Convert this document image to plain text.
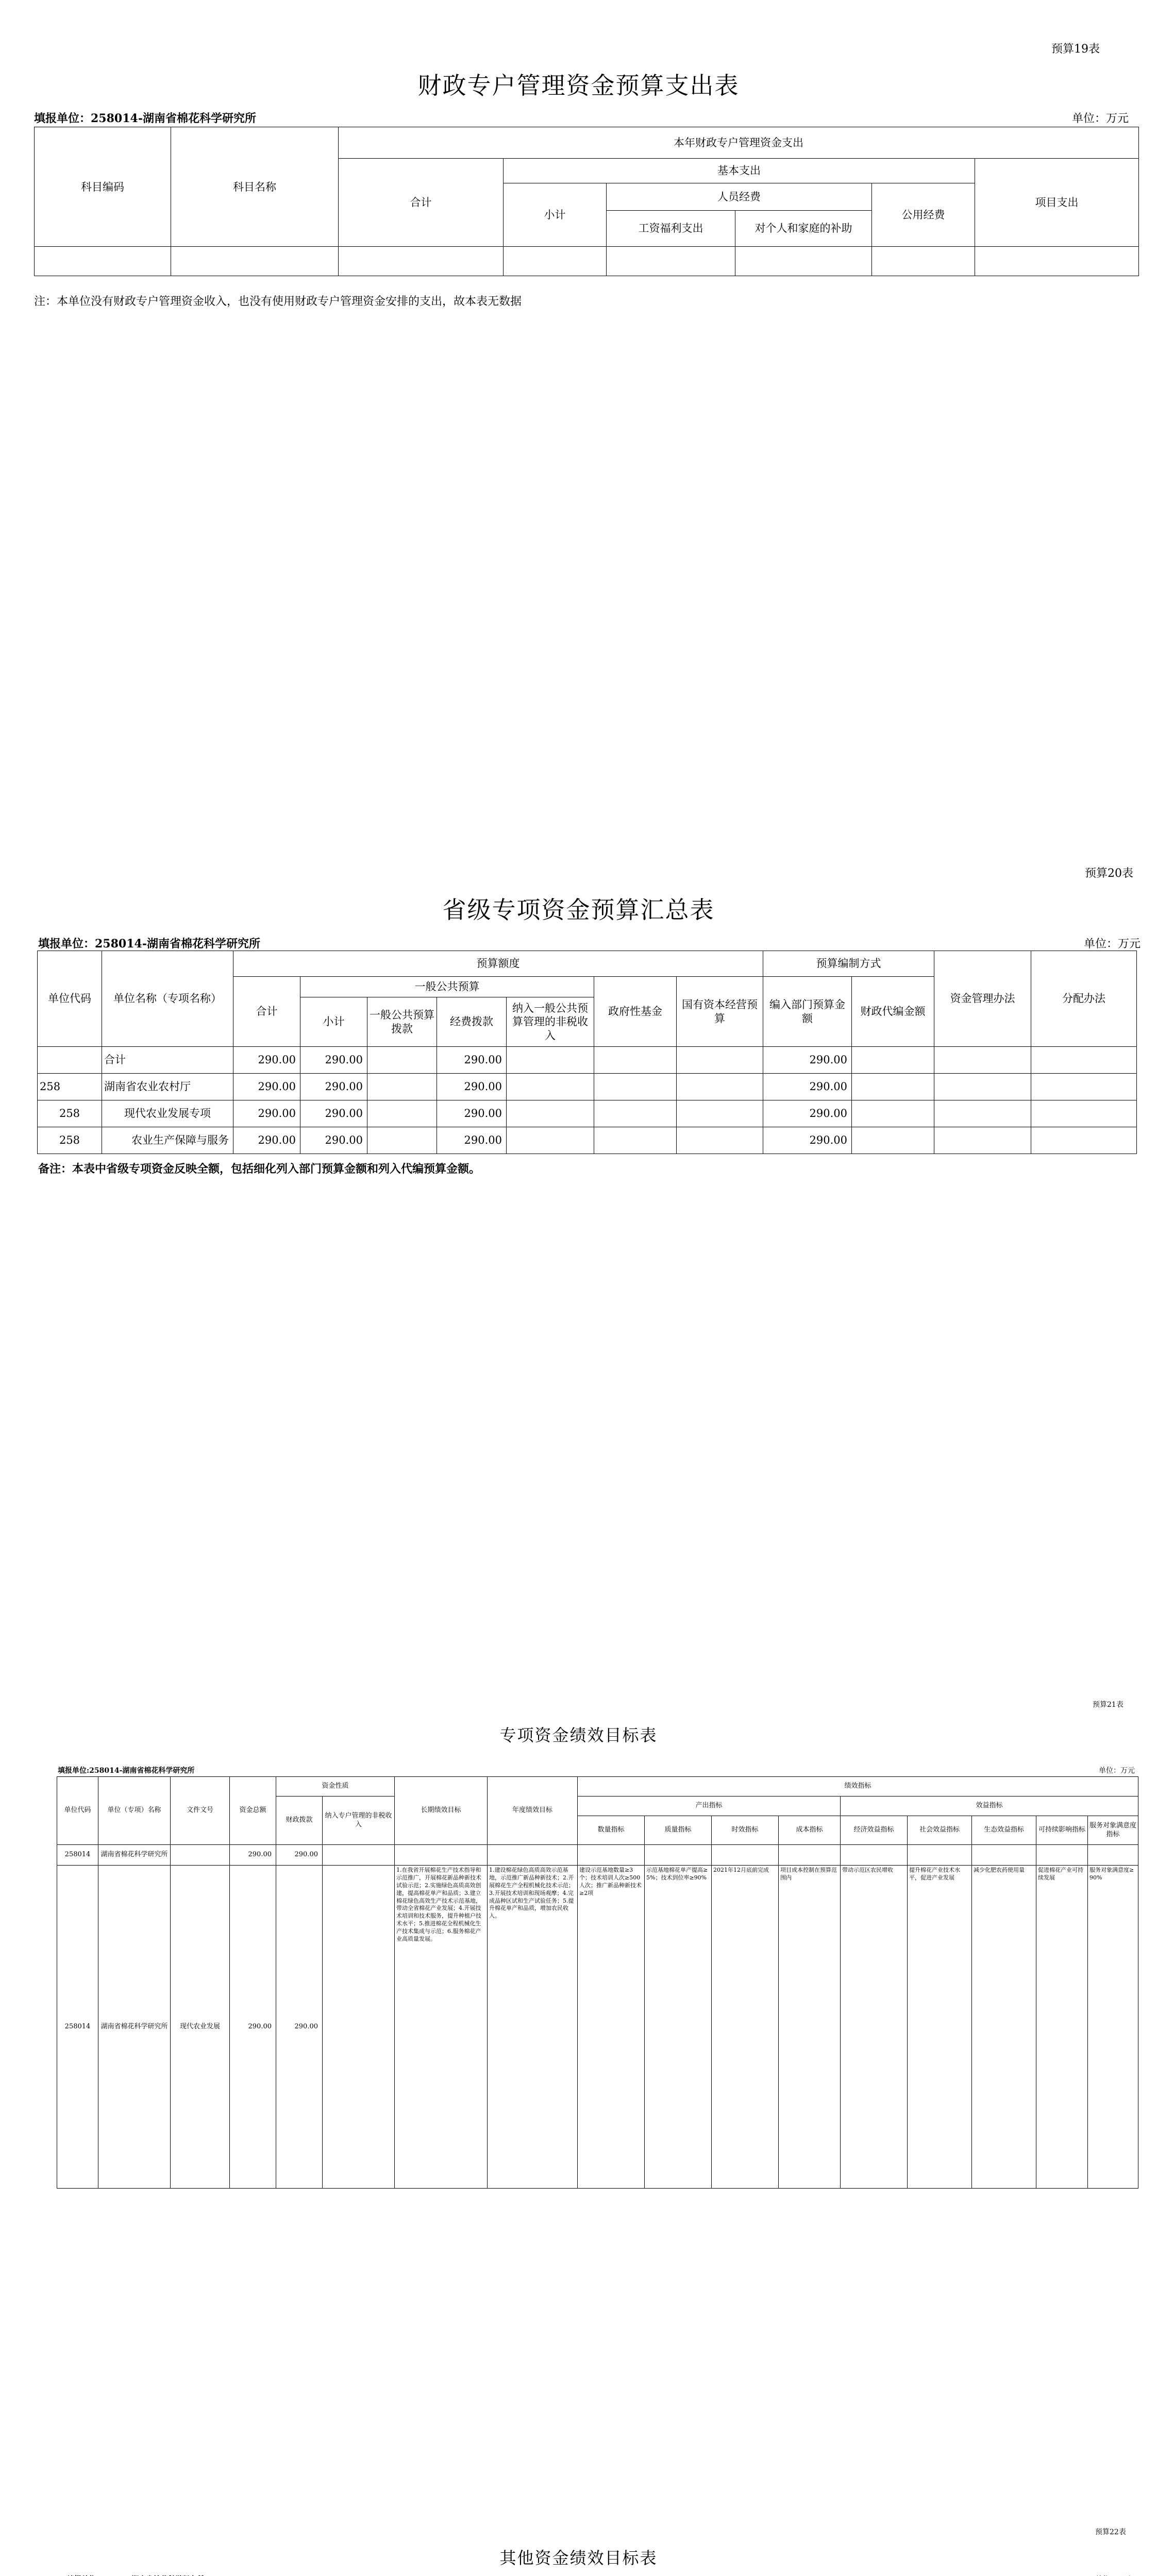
预算19表
财政专户管理资金预算支出表
填报单位：258014-湖南省棉花科学研究所	单位：万元
科目编码	科目名称	本年财政专户管理资金支出					
		合计	基本支出				项目支出
			小计	人员经费		公用经费	
				工资福利支出	对个人和家庭的补助		

注：本单位没有财政专户管理资金收入，也没有使用财政专户管理资金安排的支出，故本表无数据
预算20表
省级专项资金预算汇总表
填报单位：258014-湖南省棉花科学研究所	单位：万元
单位代码	单位名称（专项名称）	预算额度							预算编制方式		资金管理办法	分配办法
		合计	一般公共预算				政府性基金	国有资本经营预算	编入部门预算金额	财政代编金额		
			小计	一般公共预算拨款	经费拨款	纳入一般公共预算管理的非税收入						

	合计	290.00	290.00		290.00				290.00			
258	湖南省农业农村厅	290.00	290.00		290.00				290.00			
258	现代农业发展专项	290.00	290.00		290.00				290.00			
258	农业生产保障与服务	290.00	290.00		290.00				290.00			
备注：本表中省级专项资金反映全额，包括细化列入部门预算金额和列入代编预算金额。
预算21表
专项资金绩效目标表
填报单位:258014-湖南省棉花科学研究所	单位：万元
单位代码	单位（专项）名称	文件文号	资金总额	资金性质		长期绩效目标	年度绩效目标	绩效指标								
				财政拨款	纳入专户管理的非税收入			产出指标				效益指标				
								数量指标	质量指标	时效指标	成本指标	经济效益指标	社会效益指标	生态效益指标	可持续影响指标	服务对象满意度指标
258014	湖南省棉花科学研究所		290.00	290.00												
258014	湖南省棉花科学研究所	现代农业发展	290.00	290.00		1.在我省开展棉花生产技术指导和示范推广，开展棉花新品种新技术试验示范；2.实施绿色高质高效创建，提高棉花单产和品质；3.建立棉花绿色高效生产技术示范基地，带动全省棉花产业发展；4.开展技术培训和技术服务，提升种植户技术水平；5.推进棉花全程机械化生产技术集成与示范；6.服务棉花产业高质量发展。	1.建设棉花绿色高质高效示范基地，示范推广新品种新技术；2.开展棉花生产全程机械化技术示范；3.开展技术培训和现场观摩；4.完成品种区试和生产试验任务；5.提升棉花单产和品质，增加农民收入。	建设示范基地数量≥3个；技术培训人次≥500人次；推广新品种新技术≥2项	示范基地棉花单产提高≥5%；技术到位率≥90%	2021年12月底前完成	项目成本控制在预算范围内	带动示范区农民增收	提升棉花产业技术水平，促进产业发展	减少化肥农药使用量	促进棉花产业可持续发展	服务对象满意度≥90%
预算22表
其他资金绩效目标表
